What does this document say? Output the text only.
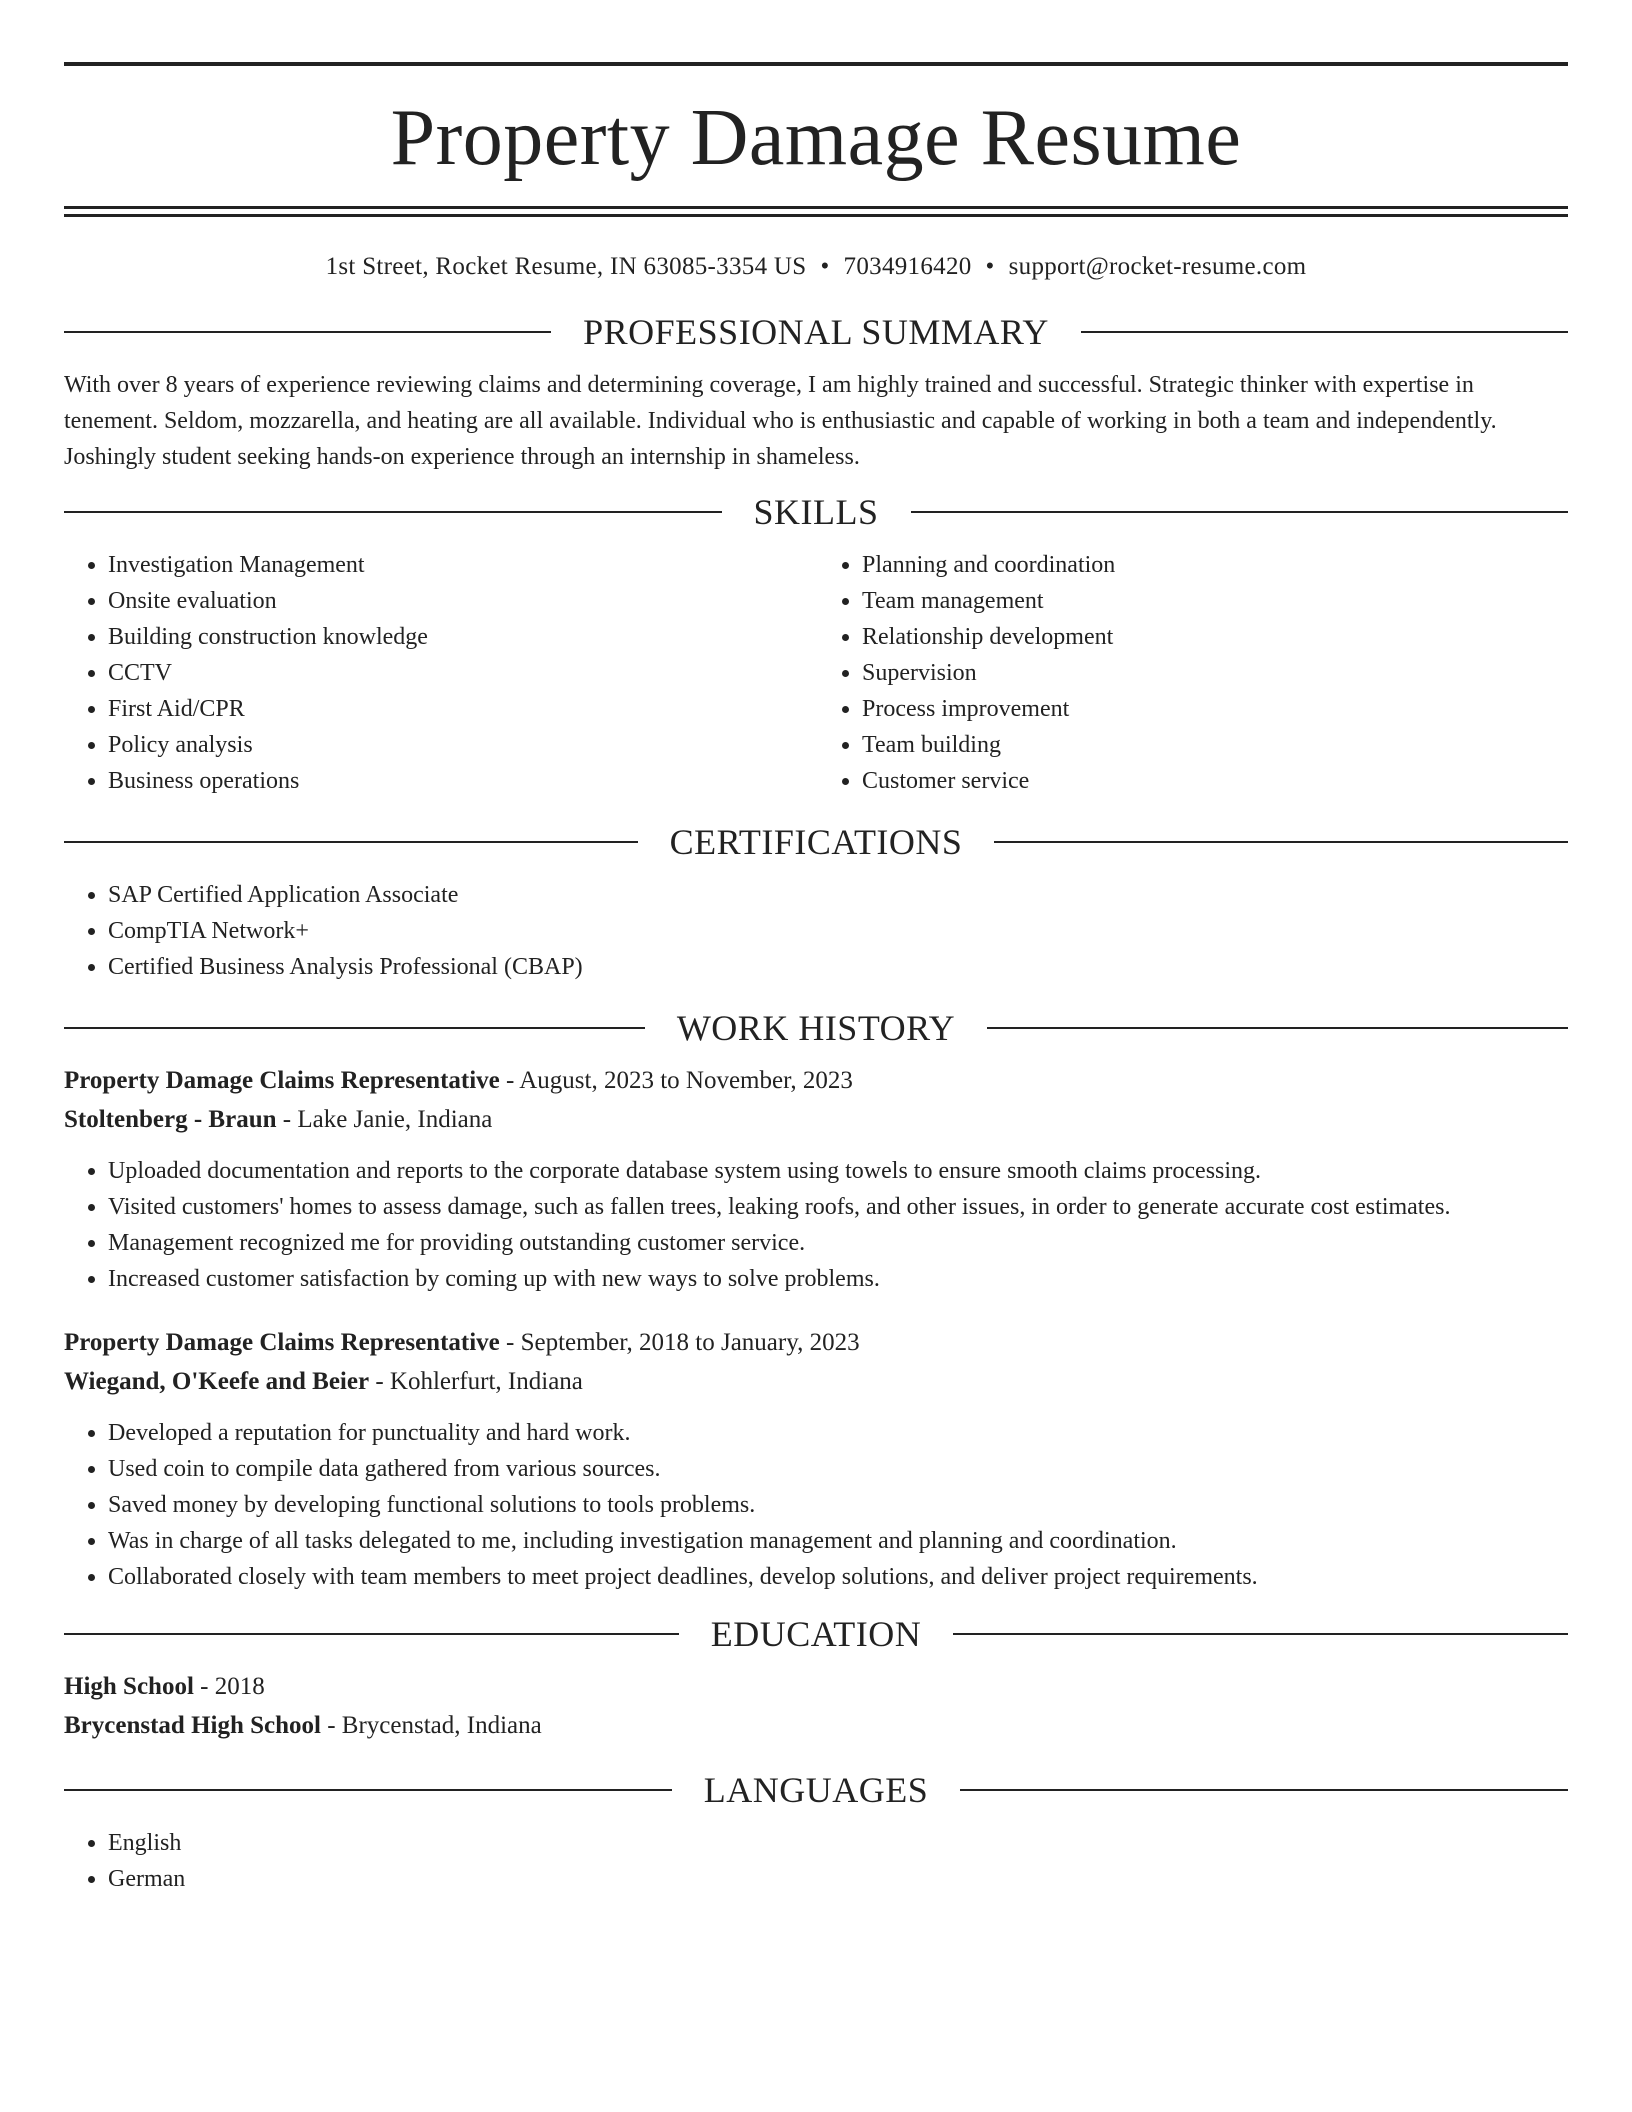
Property Damage Resume
1st Street, Rocket Resume, IN 63085-3354 US • 7034916420 • support@rocket-resume.com
PROFESSIONAL SUMMARY

With over 8 years of experience reviewing claims and determining coverage, I am highly trained and successful. Strategic thinker with expertise in tenement. Seldom, mozzarella, and heating are all available. Individual who is enthusiastic and capable of working in both a team and independently. Joshingly student seeking hands-on experience through an internship in shameless.

SKILLS
• Investigation Management
• Onsite evaluation
• Building construction knowledge
• CCTV
• First Aid/CPR
• Policy analysis
• Business operations
• Planning and coordination
• Team management
• Relationship development
• Supervision
• Process improvement
• Team building
• Customer service
CERTIFICATIONS
• SAP Certified Application Associate
• CompTIA Network+
• Certified Business Analysis Professional (CBAP)
WORK HISTORY
Property Damage Claims Representative - August, 2023 to November, 2023
Stoltenberg - Braun - Lake Janie, Indiana
• Uploaded documentation and reports to the corporate database system using towels to ensure smooth claims processing.
• Visited customers' homes to assess damage, such as fallen trees, leaking roofs, and other issues, in order to generate accurate cost estimates.
• Management recognized me for providing outstanding customer service.
• Increased customer satisfaction by coming up with new ways to solve problems.
Property Damage Claims Representative - September, 2018 to January, 2023
Wiegand, O'Keefe and Beier - Kohlerfurt, Indiana
• Developed a reputation for punctuality and hard work.
• Used coin to compile data gathered from various sources.
• Saved money by developing functional solutions to tools problems.
• Was in charge of all tasks delegated to me, including investigation management and planning and coordination.
• Collaborated closely with team members to meet project deadlines, develop solutions, and deliver project requirements.
EDUCATION
High School - 2018
Brycenstad High School - Brycenstad, Indiana
LANGUAGES
• English
• German
